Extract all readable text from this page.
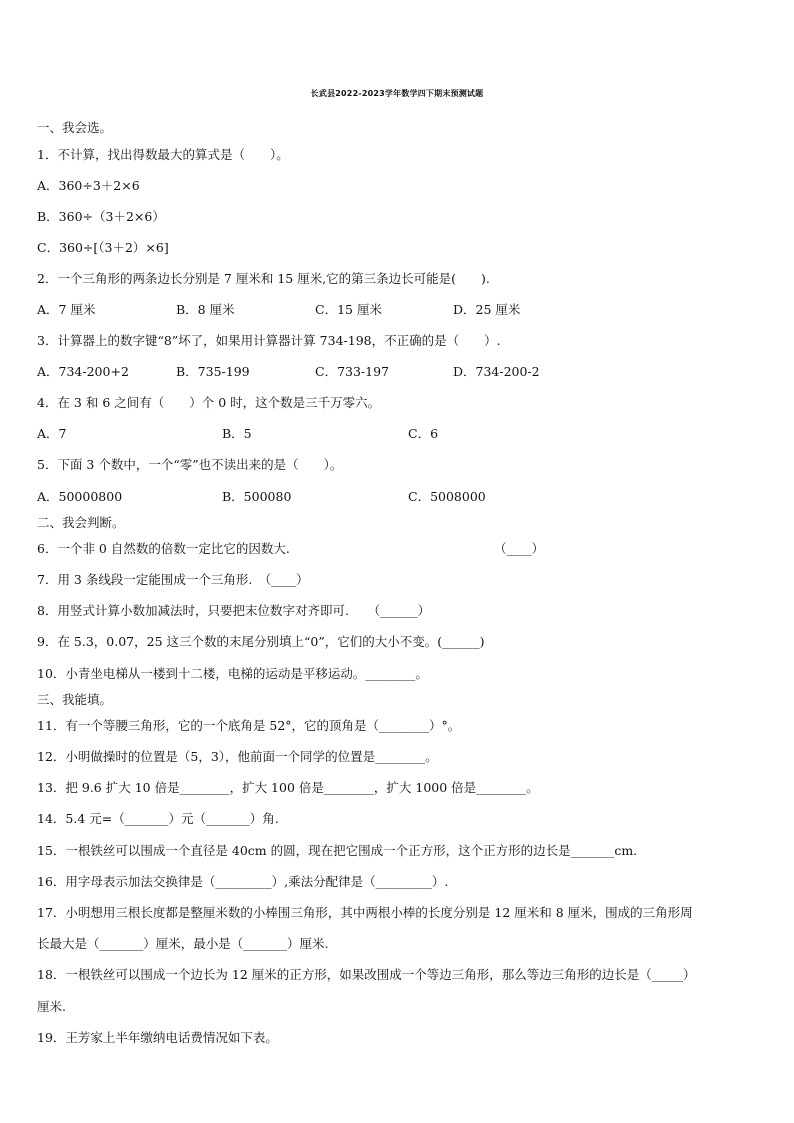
长武县2022-2023学年数学四下期末预测试题
一、我会选。
1．不计算，找出得数最大的算式是（　　）。
A．360÷3＋2×6
B．360÷（3＋2×6）
C．360÷[（3＋2）×6]
2．一个三角形的两条边长分别是 7 厘米和 15 厘米,它的第三条边长可能是(　　).
A．7 厘米	B．8 厘米	C．15 厘米	D．25 厘米
3．计算器上的数字键“8”坏了，如果用计算器计算 734-198，不正确的是（　　）.
A．734-200+2	B．735-199	C．733-197	D．734-200-2
4．在 3 和 6 之间有（　　）个 0 时，这个数是三千万零六。
A．7	B．5	C．6
5．下面 3 个数中，一个“零”也不读出来的是（　　）。
A．50000800	B．500080	C．5008000
二、我会判断。
6．一个非 0 自然数的倍数一定比它的因数大.	（____）
7．用 3 条线段一定能围成一个三角形.　（____）
8．用竖式计算小数加减法时，只要把末位数字对齐即可.　　（______）
9．在 5.3，0.07，25 这三个数的末尾分别填上“0”，它们的大小不变。(______)
10．小青坐电梯从一楼到十二楼，电梯的运动是平移运动。________。
三、我能填。
11．有一个等腰三角形，它的一个底角是 52°，它的顶角是（________）°。
12．小明做操时的位置是（5，3），他前面一个同学的位置是________。
13．把 9.6 扩大 10 倍是________，扩大 100 倍是________，扩大 1000 倍是________。
14．5.4 元=（_______）元（_______）角.
15．一根铁丝可以围成一个直径是 40cm 的圆，现在把它围成一个正方形，这个正方形的边长是_______cm.
16．用字母表示加法交换律是（_________）,乘法分配律是（_________）.
17．小明想用三根长度都是整厘米数的小棒围三角形，其中两根小棒的长度分别是 12 厘米和 8 厘米，围成的三角形周
长最大是（_______）厘米，最小是（_______）厘米.
18．一根铁丝可以围成一个边长为 12 厘米的正方形，如果改围成一个等边三角形，那么等边三角形的边长是（_____）
厘米.
19．王芳家上半年缴纳电话费情况如下表。
